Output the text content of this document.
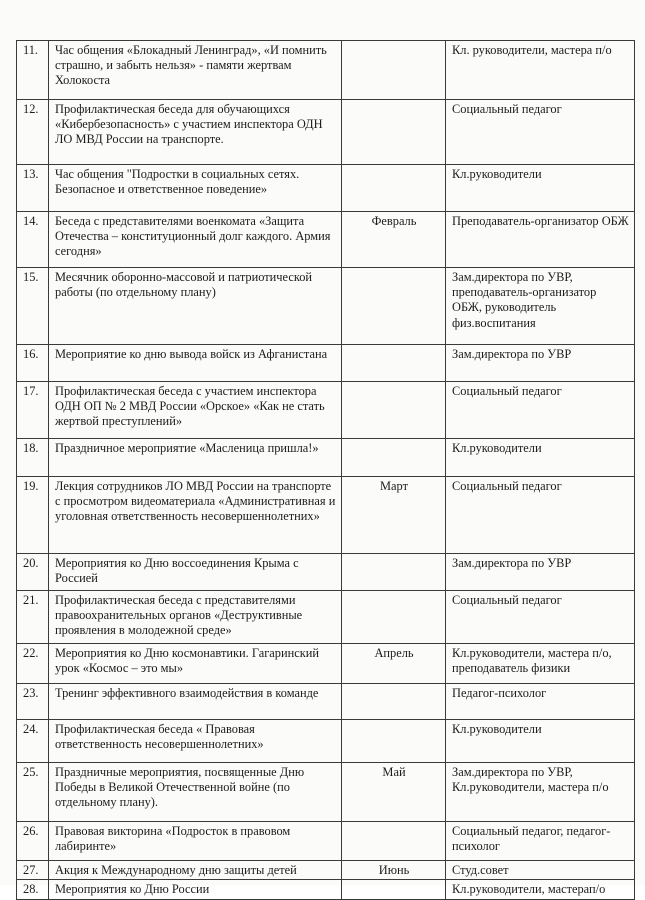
11.	Час общения «Блокадный Ленинград», «И помнить страшно, и забыть нельзя» - памяти жертвам Холокоста		Кл. руководители, мастера п/о
12.	Профилактическая беседа для обучающихся «Кибербезопасность» с участием инспектора ОДН ЛО МВД России на транспорте.		Социальный педагог
13.	Час общения "Подростки в социальных сетях. Безопасное и ответственное поведение»		Кл.руководители
14.	Беседа с представителями военкомата «Защита Отечества – конституционный долг каждого. Армия сегодня»	Февраль	Преподаватель-организатор ОБЖ
15.	Месячник оборонно-массовой и патриотической работы (по отдельному плану)		Зам.директора по УВР, преподаватель-организатор ОБЖ, руководитель физ.воспитания
16.	Мероприятие ко дню вывода войск из Афганистана		Зам.директора по УВР
17.	Профилактическая беседа с участием инспектора ОДН ОП № 2 МВД России «Орское» «Как не стать жертвой преступлений»		Социальный педагог
18.	Праздничное мероприятие «Масленица пришла!»		Кл.руководители
19.	Лекция сотрудников ЛО МВД России на транспорте с просмотром видеоматериала «Административная и уголовная ответственность несовершеннолетних»	Март	Социальный педагог
20.	Мероприятия ко Дню воссоединения Крыма с Россией		Зам.директора по УВР
21.	Профилактическая беседа с представителями правоохранительных органов «Деструктивные проявления в молодежной среде»		Социальный педагог
22.	Мероприятия ко Дню космонавтики. Гагаринский урок «Космос – это мы»	Апрель	Кл.руководители, мастера п/о, преподаватель физики
23.	Тренинг эффективного взаимодействия в команде		Педагог-психолог
24.	Профилактическая беседа « Правовая ответственность несовершеннолетних»		Кл.руководители
25.	Праздничные мероприятия, посвященные Дню Победы в Великой Отечественной войне (по отдельному плану).	Май	Зам.директора по УВР, Кл.руководители, мастера п/о
26.	Правовая викторина «Подросток в правовом лабиринте»		Социальный педагог, педагог-психолог
27.	Акция к Международному дню защиты детей	Июнь	Студ.совет
28.	Мероприятия ко Дню России		Кл.руководители, мастерап/о
